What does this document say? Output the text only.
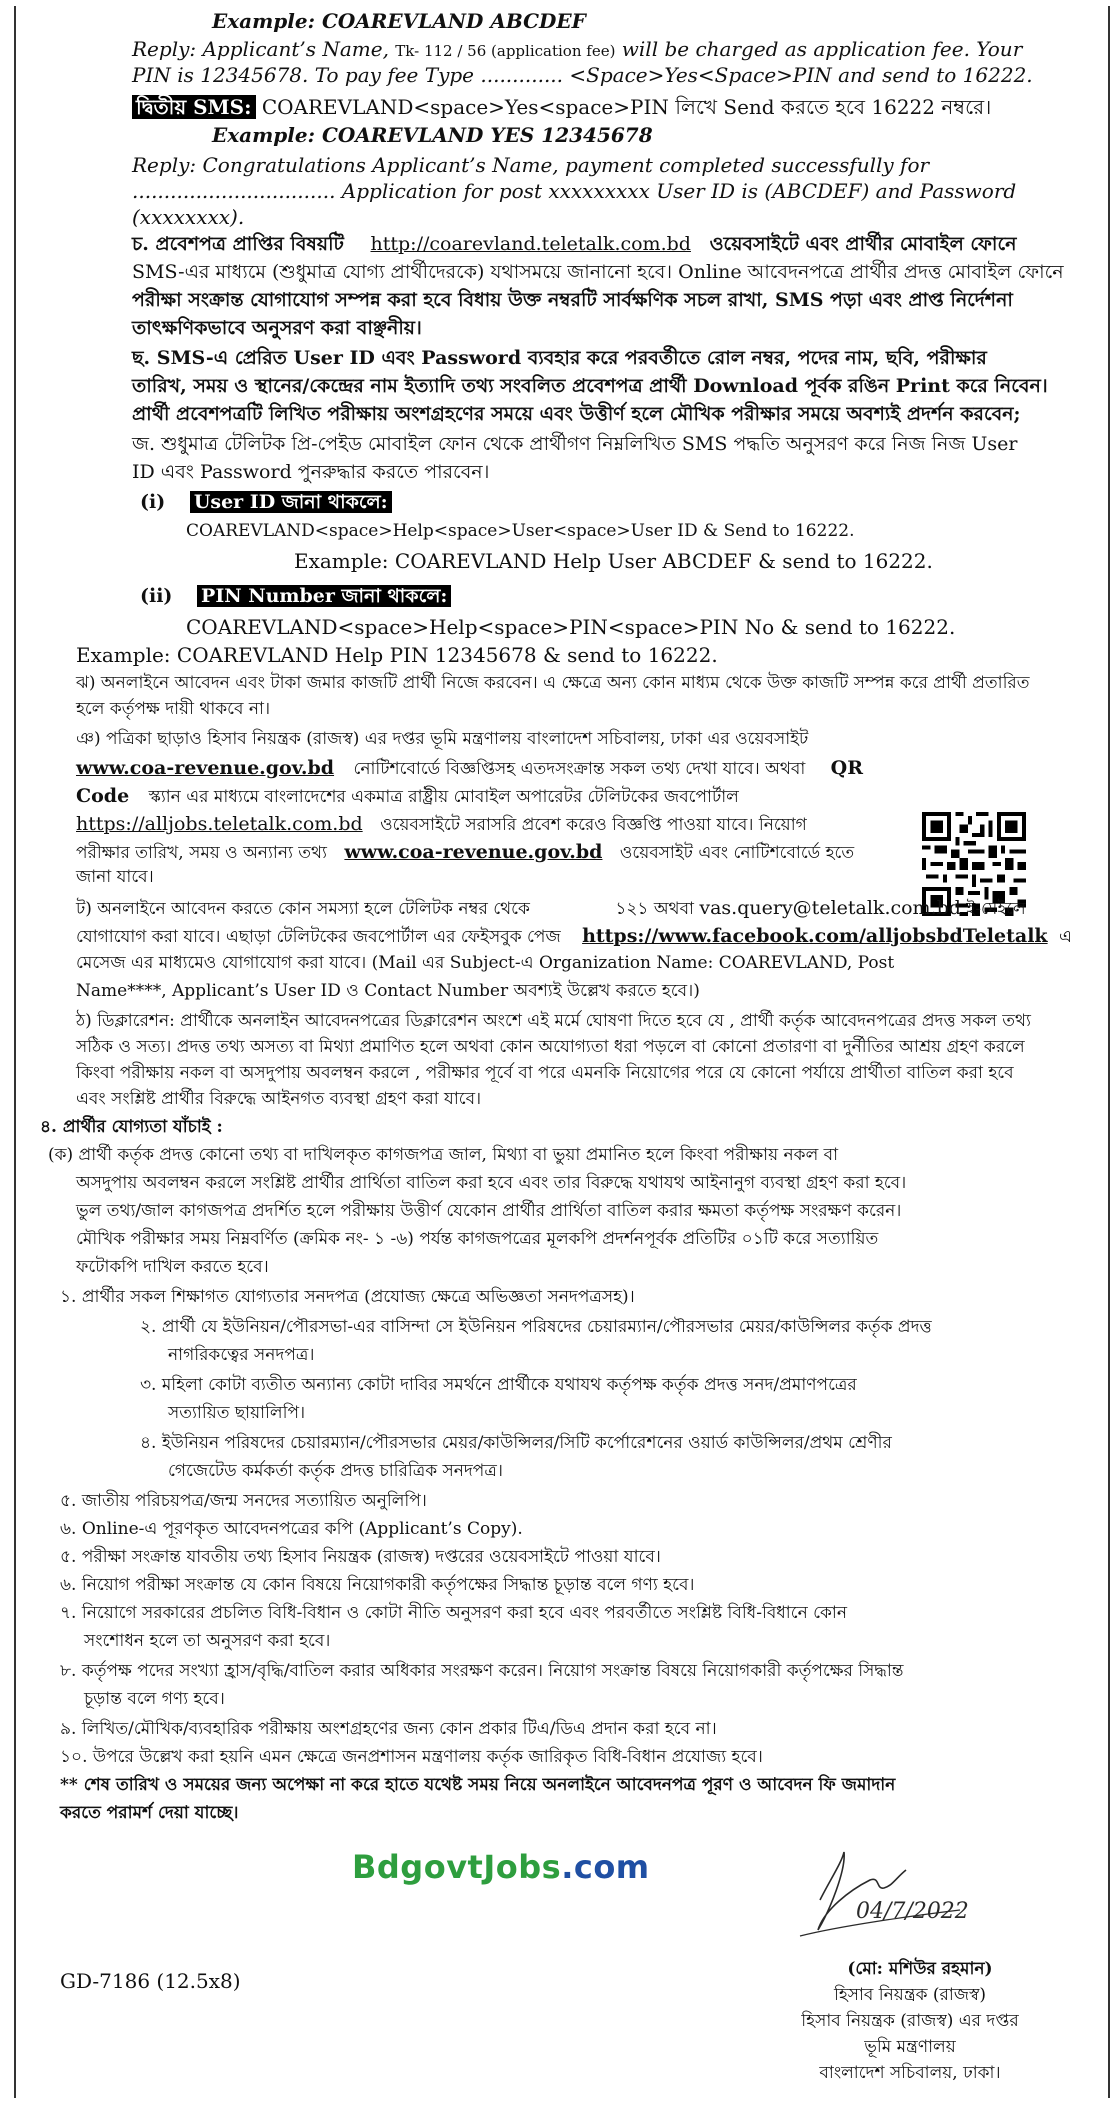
Example: COAREVLAND ABCDEF
Reply: Applicant’s Name, Tk- 112 / 56 (application fee) will be charged as application fee. Your
PIN is 12345678. To pay fee Type ............. <Space>Yes<Space>PIN and send to 16222.
দ্বিতীয় SMS: COAREVLAND<space>Yes<space>PIN লিখে Send করতে হবে 16222 নম্বরে।
Example: COAREVLAND YES 12345678
Reply: Congratulations Applicant’s Name, payment completed successfully for
................................ Application for post xxxxxxxxx User ID is (ABCDEF) and Password
(xxxxxxxx).
চ. প্রবেশপত্র প্রাপ্তির বিষয়টি http://coarevland.teletalk.com.bd ওয়েবসাইটে এবং প্রার্থীর মোবাইল ফোনে
SMS-এর মাধ্যমে (শুধুমাত্র যোগ্য প্রার্থীদেরকে) যথাসময়ে জানানো হবে। Online আবেদনপত্রে প্রার্থীর প্রদত্ত মোবাইল ফোনে
পরীক্ষা সংক্রান্ত যোগাযোগ সম্পন্ন করা হবে বিধায় উক্ত নম্বরটি সার্বক্ষণিক সচল রাখা, SMS পড়া এবং প্রাপ্ত নির্দেশনা
তাৎক্ষণিকভাবে অনুসরণ করা বাঞ্ছনীয়।
ছ. SMS-এ প্রেরিত User ID এবং Password ব্যবহার করে পরবর্তীতে রোল নম্বর, পদের নাম, ছবি, পরীক্ষার
তারিখ, সময় ও স্থানের/কেন্দ্রের নাম ইত্যাদি তথ্য সংবলিত প্রবেশপত্র প্রার্থী Download পূর্বক রঙিন Print করে নিবেন।
প্রার্থী প্রবেশপত্রটি লিখিত পরীক্ষায় অংশগ্রহণের সময়ে এবং উত্তীর্ণ হলে মৌখিক পরীক্ষার সময়ে অবশ্যই প্রদর্শন করবেন;
জ. শুধুমাত্র টেলিটক প্রি-পেইড মোবাইল ফোন থেকে প্রার্থীগণ নিম্নলিখিত SMS পদ্ধতি অনুসরণ করে নিজ নিজ User
ID এবং Password পুনরুদ্ধার করতে পারবেন।
(i) User ID জানা থাকলে:
COAREVLAND<space>Help<space>User<space>User ID & Send to 16222.
Example: COAREVLAND Help User ABCDEF & send to 16222.
(ii) PIN Number জানা থাকলে:
COAREVLAND<space>Help<space>PIN<space>PIN No & send to 16222.
Example: COAREVLAND Help PIN 12345678 & send to 16222.
ঝ) অনলাইনে আবেদন এবং টাকা জমার কাজটি প্রার্থী নিজে করবেন। এ ক্ষেত্রে অন্য কোন মাধ্যম থেকে উক্ত কাজটি সম্পন্ন করে প্রার্থী প্রতারিত
হলে কর্তৃপক্ষ দায়ী থাকবে না।
ঞ) পত্রিকা ছাড়াও হিসাব নিয়ন্ত্রক (রাজস্ব) এর দপ্তর ভূমি মন্ত্রণালয় বাংলাদেশ সচিবালয়, ঢাকা এর ওয়েবসাইট
www.coa-revenue.gov.bd নোটিশবোর্ডে বিজ্ঞপ্তিসহ এতদসংক্রান্ত সকল তথ্য দেখা যাবে। অথবা QR
Code স্ক্যান এর মাধ্যমে বাংলাদেশের একমাত্র রাষ্ট্রীয় মোবাইল অপারেটর টেলিটকের জবপোর্টাল
https://alljobs.teletalk.com.bd ওয়েবসাইটে সরাসরি প্রবেশ করেও বিজ্ঞপ্তি পাওয়া যাবে। নিয়োগ
পরীক্ষার তারিখ, সময় ও অন্যান্য তথ্য www.coa-revenue.gov.bd ওয়েবসাইট এবং নোটিশবোর্ডে হতে
জানা যাবে।
ট) অনলাইনে আবেদন করতে কোন সমস্যা হলে টেলিটক নম্বর থেকে	১২১ অথবা vas.query@teletalk.com.bd ই-মেইলে
যোগাযোগ করা যাবে। এছাড়া টেলিটকের জবপোর্টাল এর ফেইসবুক পেজ https://www.facebook.com/alljobsbdTeletalk এ
মেসেজ এর মাধ্যমেও যোগাযোগ করা যাবে। (Mail এর Subject-এ Organization Name: COAREVLAND, Post
Name****, Applicant’s User ID ও Contact Number অবশ্যই উল্লেখ করতে হবে।)
ঠ) ডিক্লারেশন: প্রার্থীকে অনলাইন আবেদনপত্রের ডিক্লারেশন অংশে এই মর্মে ঘোষণা দিতে হবে যে , প্রার্থী কর্তৃক আবেদনপত্রের প্রদত্ত সকল তথ্য
সঠিক ও সত্য। প্রদত্ত তথ্য অসত্য বা মিথ্যা প্রমাণিত হলে অথবা কোন অযোগ্যতা ধরা পড়লে বা কোনো প্রতারণা বা দুর্নীতির আশ্রয় গ্রহণ করলে
কিংবা পরীক্ষায় নকল বা অসদুপায় অবলম্বন করলে , পরীক্ষার পূর্বে বা পরে এমনকি নিয়োগের পরে যে কোনো পর্যায়ে প্রার্থীতা বাতিল করা হবে
এবং সংশ্লিষ্ট প্রার্থীর বিরুদ্ধে আইনগত ব্যবস্থা গ্রহণ করা যাবে।
৪. প্রার্থীর যোগ্যতা যাঁচাই :
(ক) প্রার্থী কর্তৃক প্রদত্ত কোনো তথ্য বা দাখিলকৃত কাগজপত্র জাল, মিথ্যা বা ভুয়া প্রমানিত হলে কিংবা পরীক্ষায় নকল বা
অসদুপায় অবলম্বন করলে সংশ্লিষ্ট প্রার্থীর প্রার্থিতা বাতিল করা হবে এবং তার বিরুদ্ধে যথাযথ আইনানুগ ব্যবস্থা গ্রহণ করা হবে।
ভুল তথ্য/জাল কাগজপত্র প্রদর্শিত হলে পরীক্ষায় উত্তীর্ণ যেকোন প্রার্থীর প্রার্থিতা বাতিল করার ক্ষমতা কর্তৃপক্ষ সংরক্ষণ করেন।
মৌখিক পরীক্ষার সময় নিম্নবর্ণিত (ক্রমিক নং- ১ -৬) পর্যন্ত কাগজপত্রের মূলকপি প্রদর্শনপূর্বক প্রতিটির ০১টি করে সত্যায়িত
ফটোকপি দাখিল করতে হবে।
১. প্রার্থীর সকল শিক্ষাগত যোগ্যতার সনদপত্র (প্রযোজ্য ক্ষেত্রে অভিজ্ঞতা সনদপত্রসহ)।
২. প্রার্থী যে ইউনিয়ন/পৌরসভা-এর বাসিন্দা সে ইউনিয়ন পরিষদের চেয়ারম্যান/পৌরসভার মেয়র/কাউন্সিলর কর্তৃক প্রদত্ত
নাগরিকত্বের সনদপত্র।
৩. মহিলা কোটা ব্যতীত অন্যান্য কোটা দাবির সমর্থনে প্রার্থীকে যথাযথ কর্তৃপক্ষ কর্তৃক প্রদত্ত সনদ/প্রমাণপত্রের
সত্যায়িত ছায়ালিপি।
৪. ইউনিয়ন পরিষদের চেয়ারম্যান/পৌরসভার মেয়র/কাউন্সিলর/সিটি কর্পোরেশনের ওয়ার্ড কাউন্সিলর/প্রথম শ্রেণীর
গেজেটেড কর্মকর্তা কর্তৃক প্রদত্ত চারিত্রিক সনদপত্র।
৫. জাতীয় পরিচয়পত্র/জন্ম সনদের সত্যায়িত অনুলিপি।
৬. Online-এ পূরণকৃত আবেদনপত্রের কপি (Applicant’s Copy).
৫. পরীক্ষা সংক্রান্ত যাবতীয় তথ্য হিসাব নিয়ন্ত্রক (রাজস্ব) দপ্তরের ওয়েবসাইটে পাওয়া যাবে।
৬. নিয়োগ পরীক্ষা সংক্রান্ত যে কোন বিষয়ে নিয়োগকারী কর্তৃপক্ষের সিদ্ধান্ত চূড়ান্ত বলে গণ্য হবে।
৭. নিয়োগে সরকারের প্রচলিত বিধি-বিধান ও কোটা নীতি অনুসরণ করা হবে এবং পরবর্তীতে সংশ্লিষ্ট বিধি-বিধানে কোন
সংশোধন হলে তা অনুসরণ করা হবে।
৮. কর্তৃপক্ষ পদের সংখ্যা হ্রাস/বৃদ্ধি/বাতিল করার অধিকার সংরক্ষণ করেন। নিয়োগ সংক্রান্ত বিষয়ে নিয়োগকারী কর্তৃপক্ষের সিদ্ধান্ত
চূড়ান্ত বলে গণ্য হবে।
৯. লিখিত/মৌখিক/ব্যবহারিক পরীক্ষায় অংশগ্রহণের জন্য কোন প্রকার টিএ/ডিএ প্রদান করা হবে না।
১০. উপরে উল্লেখ করা হয়নি এমন ক্ষেত্রে জনপ্রশাসন মন্ত্রণালয় কর্তৃক জারিকৃত বিধি-বিধান প্রযোজ্য হবে।
** শেষ তারিখ ও সময়ের জন্য অপেক্ষা না করে হাতে যথেষ্ট সময় নিয়ে অনলাইনে আবেদনপত্র পূরণ ও আবেদন ফি জমাদান
করতে পরামর্শ দেয়া যাচ্ছে।
BdgovtJobs.com
04/7/2022
GD-7186 (12.5x8)	(মো: মশিউর রহমান)
হিসাব নিয়ন্ত্রক (রাজস্ব)
হিসাব নিয়ন্ত্রক (রাজস্ব) এর দপ্তর
ভূমি মন্ত্রণালয়
বাংলাদেশ সচিবালয়, ঢাকা।
